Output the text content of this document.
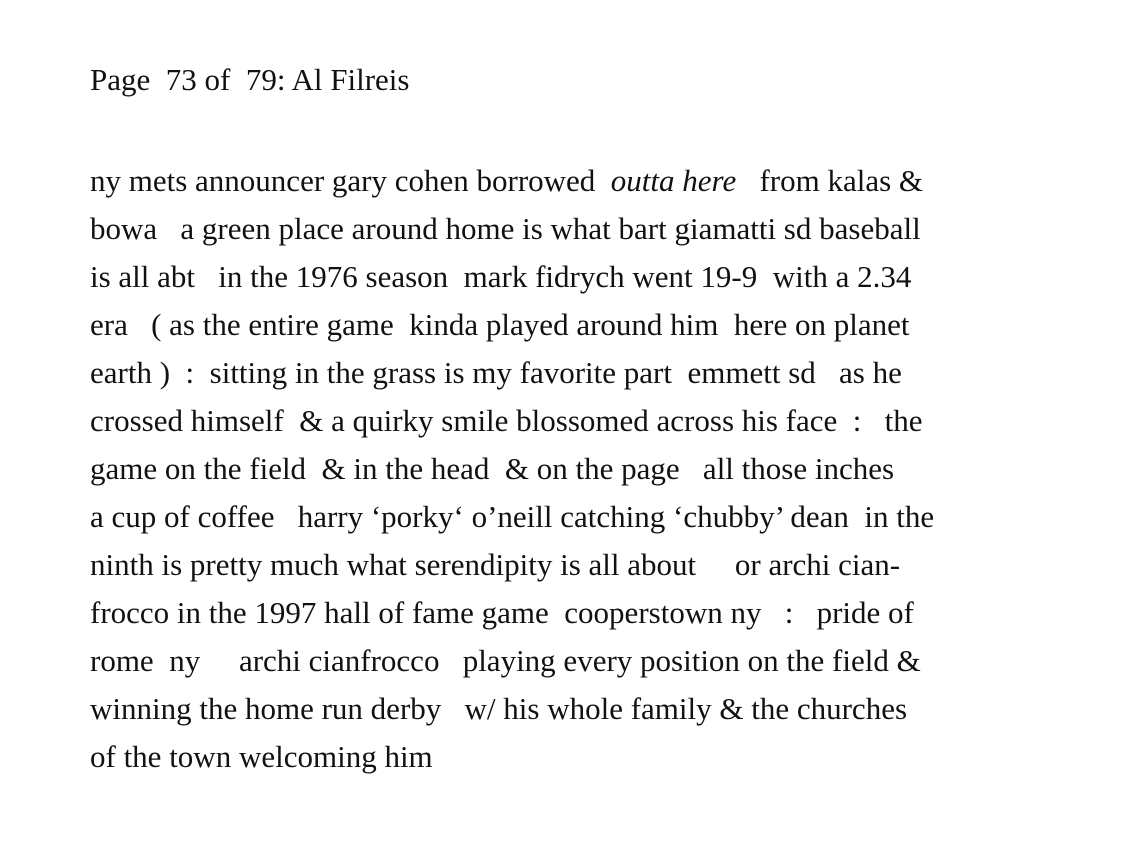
Page  73 of  79: Al Filreis
ny mets announcer gary cohen borrowed  outta here   from kalas &
bowa   a green place around home is what bart giamatti sd baseball
is all abt   in the 1976 season  mark fidrych went 19-9  with a 2.34
era   ( as the entire game  kinda played around him  here on planet
earth )  :  sitting in the grass is my favorite part  emmett sd   as he
crossed himself  & a quirky smile blossomed across his face  :   the
game on the field  & in the head  & on the page   all those inches
a cup of coffee   harry ‘porky‘ o’neill catching ‘chubby’ dean  in the
ninth is pretty much what serendipity is all about     or archi cian-
frocco in the 1997 hall of fame game  cooperstown ny   :   pride of
rome  ny     archi cianfrocco   playing every position on the field &
winning the home run derby   w/ his whole family & the churches
of the town welcoming him
